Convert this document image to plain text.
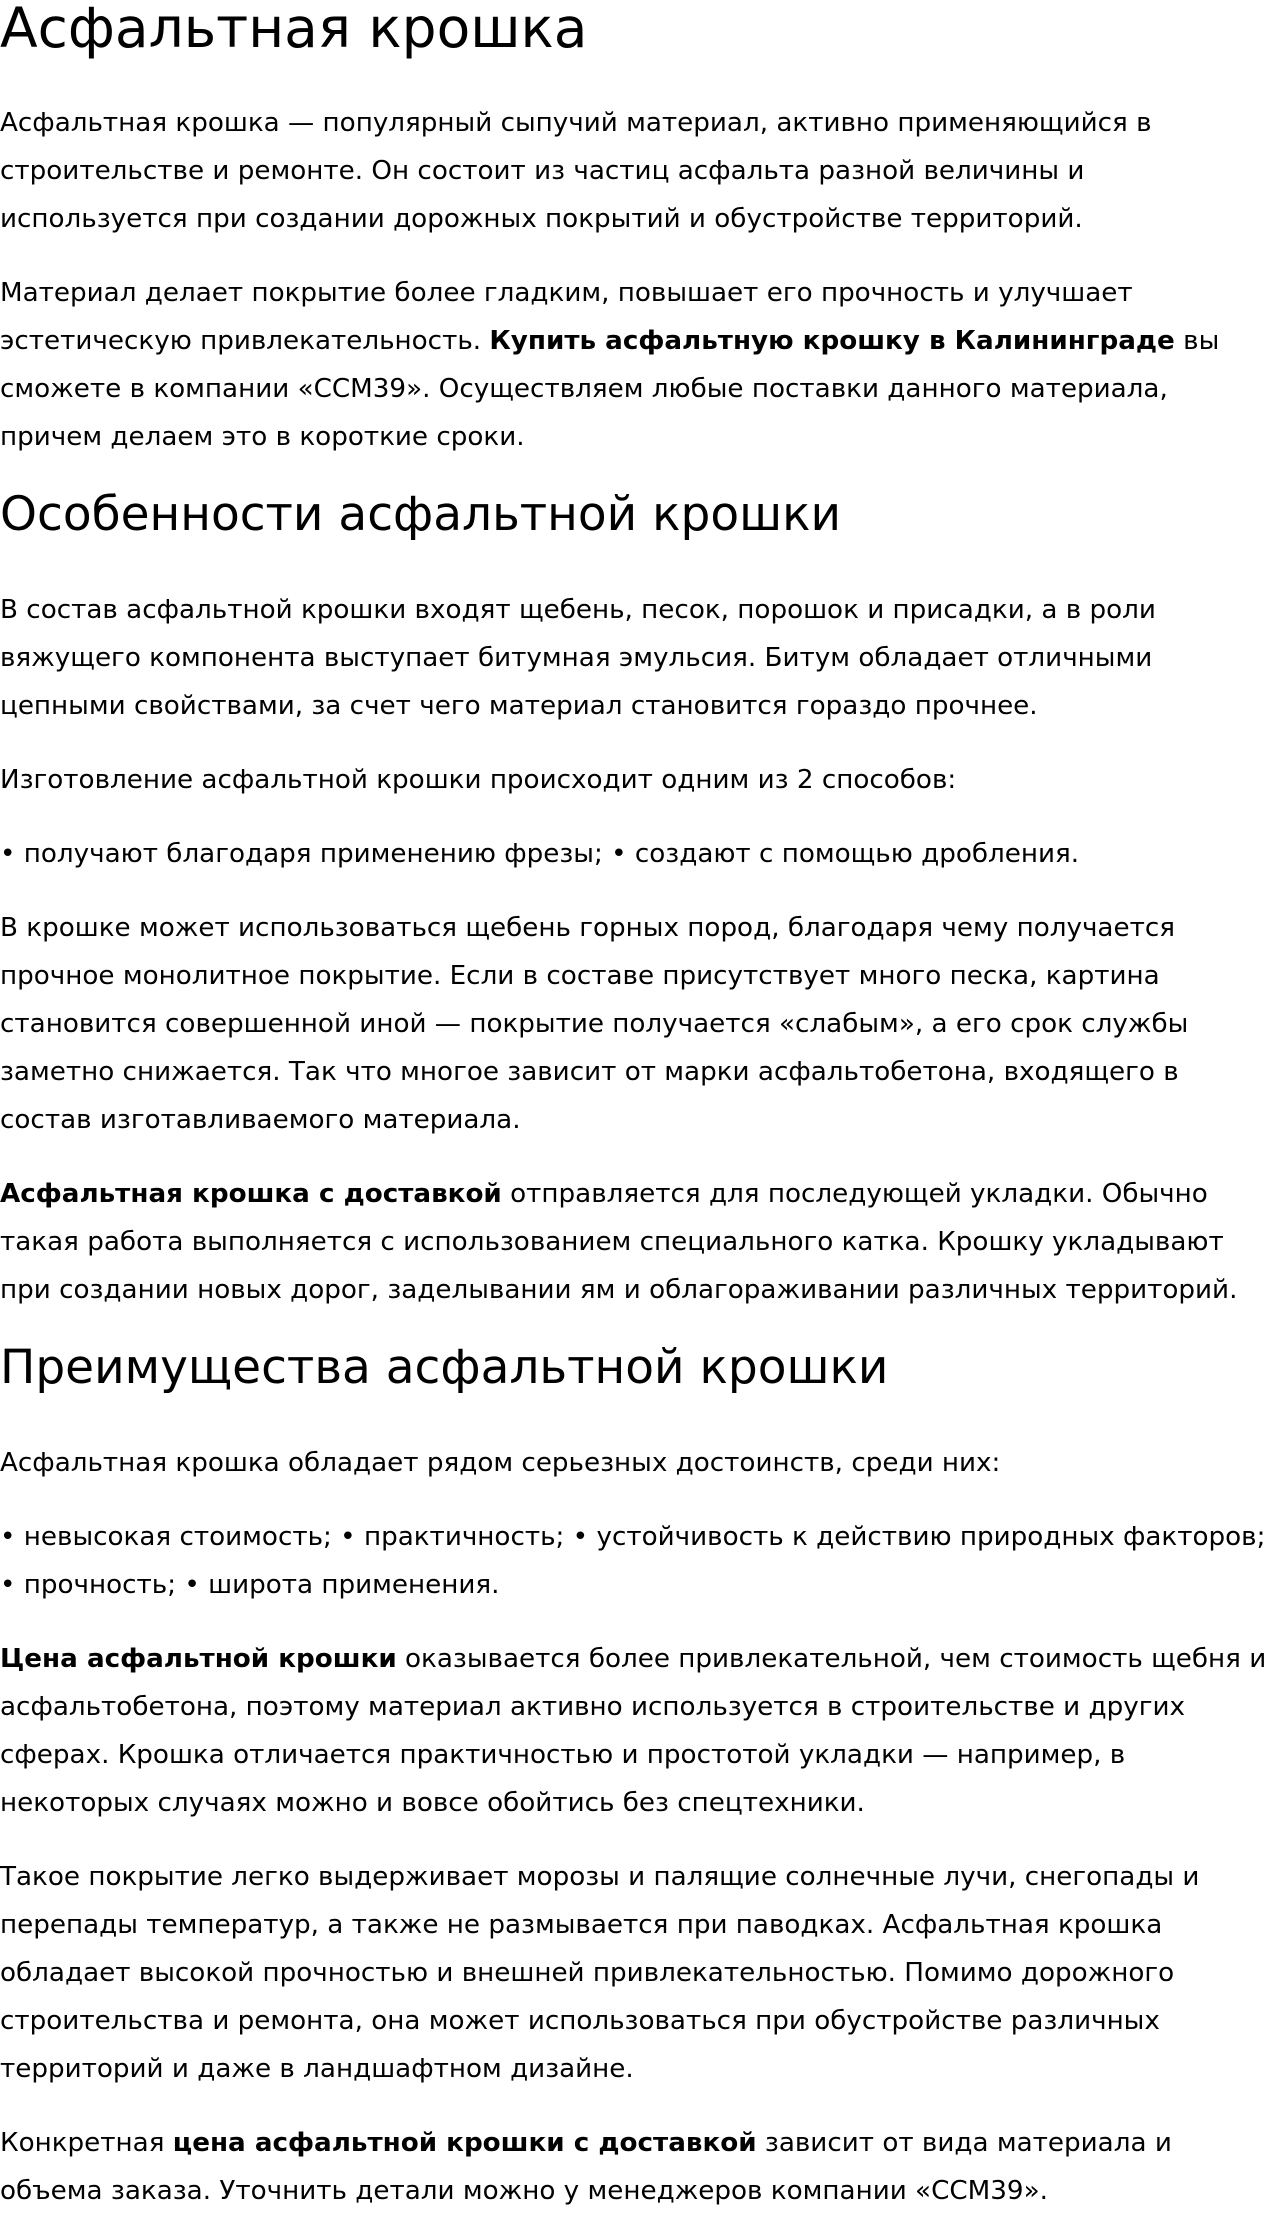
Асфальтная крошка

Асфальтная крошка — популярный сыпучий материал, активно применяющийся в строительстве и ремонте. Он состоит из частиц асфальта разной величины и используется при создании дорожных покрытий и обустройстве территорий.

Материал делает покрытие более гладким, повышает его прочность и улучшает эстетическую привлекательность. Купить асфальтную крошку в Калининграде вы сможете в компании «ССМ39». Осуществляем любые поставки данного материала, причем делаем это в короткие сроки.

Особенности асфальтной крошки

В состав асфальтной крошки входят щебень, песок, порошок и присадки, а в роли вяжущего компонента выступает битумная эмульсия. Битум обладает отличными цепными свойствами, за счет чего материал становится гораздо прочнее.

Изготовление асфальтной крошки происходит одним из 2 способов:

• получают благодаря применению фрезы; • создают с помощью дробления.

В крошке может использоваться щебень горных пород, благодаря чему получается прочное монолитное покрытие. Если в составе присутствует много песка, картина становится совершенной иной — покрытие получается «слабым», а его срок службы заметно снижается. Так что многое зависит от марки асфальтобетона, входящего в состав изготавливаемого материала.

Асфальтная крошка с доставкой отправляется для последующей укладки. Обычно такая работа выполняется с использованием специального катка. Крошку укладывают при создании новых дорог, заделывании ям и облагораживании различных территорий.

Преимущества асфальтной крошки

Асфальтная крошка обладает рядом серьезных достоинств, среди них:

• невысокая стоимость; • практичность; • устойчивость к действию природных факторов; • прочность; • широта применения.

Цена асфальтной крошки оказывается более привлекательной, чем стоимость щебня и асфальтобетона, поэтому материал активно используется в строительстве и других сферах. Крошка отличается практичностью и простотой укладки — например, в некоторых случаях можно и вовсе обойтись без спецтехники.

Такое покрытие легко выдерживает морозы и палящие солнечные лучи, снегопады и перепады температур, а также не размывается при паводках. Асфальтная крошка обладает высокой прочностью и внешней привлекательностью. Помимо дорожного строительства и ремонта, она может использоваться при обустройстве различных территорий и даже в ландшафтном дизайне.

Конкретная цена асфальтной крошки с доставкой зависит от вида материала и объема заказа. Уточнить детали можно у менеджеров компании «ССМ39».
